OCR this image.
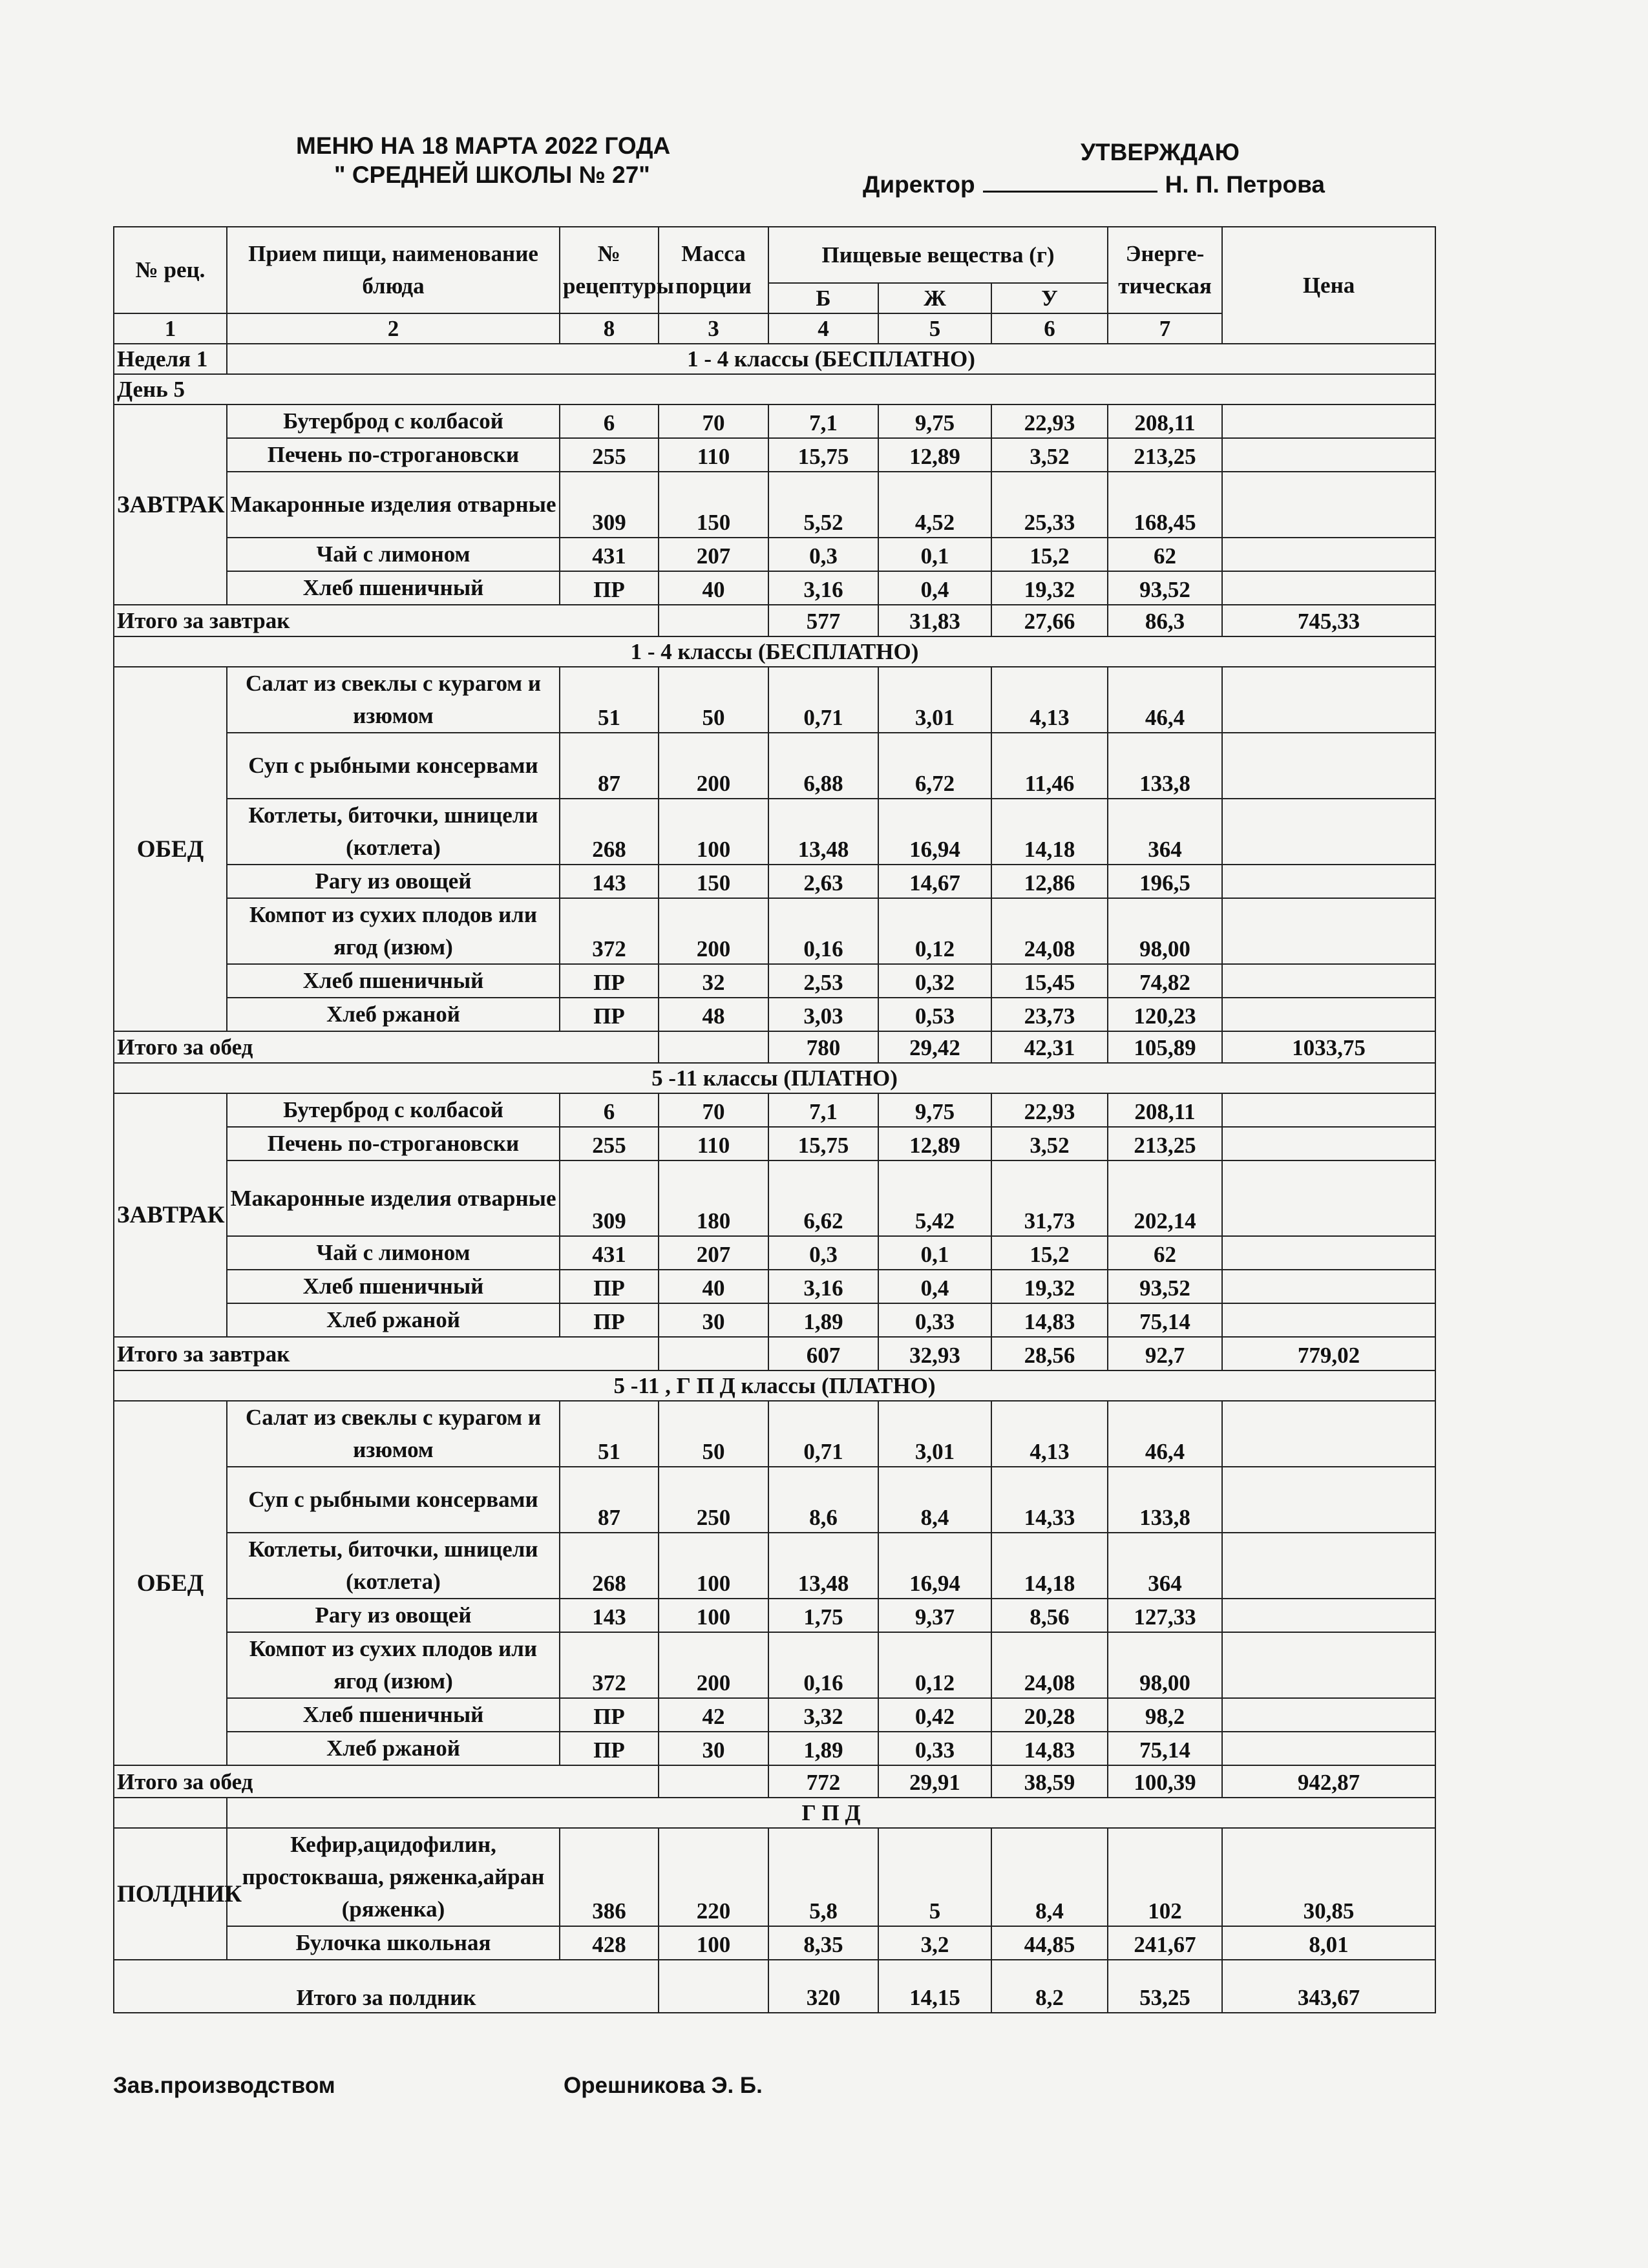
МЕНЮ НА 18 МАРТА 2022 ГОДА
" СРЕДНЕЙ ШКОЛЫ № 27"
УТВЕРЖДАЮ
Директор	Н. П. Петрова
№ рец.	Прием пищи, наименование блюда	№ рецептуры	Масса порции	Пищевые вещества (г)			Энерге-тическая	Цена	
				Б	Ж	У			
1	2	8	3	4	5	6	7		
Неделя 1	1 - 4 классы (БЕСПЛАТНО)								
День 5									
ЗАВТРАК	Бутерброд с колбасой	6	70	7,1	9,75	22,93	208,11		
	Печень по-строгановски	255	110	15,75	12,89	3,52	213,25		
	Макаронные изделия отварные	309	150	5,52	4,52	25,33	168,45		
	Чай с лимоном	431	207	0,3	0,1	15,2	62		
	Хлеб пшеничный	ПР	40	3,16	0,4	19,32	93,52		
Итого за завтрак				577	31,83	27,66	86,3	745,33	
1 - 4 классы (БЕСПЛАТНО)									
ОБЕД	Салат из свеклы с курагом и изюмом	51	50	0,71	3,01	4,13	46,4		
	Суп с рыбными консервами	87	200	6,88	6,72	11,46	133,8		
	Котлеты, биточки, шницели (котлета)	268	100	13,48	16,94	14,18	364		
	Рагу из овощей	143	150	2,63	14,67	12,86	196,5		
	Компот из сухих плодов или ягод (изюм)	372	200	0,16	0,12	24,08	98,00		
	Хлеб пшеничный	ПР	32	2,53	0,32	15,45	74,82		
	Хлеб ржаной	ПР	48	3,03	0,53	23,73	120,23		
Итого за обед				780	29,42	42,31	105,89	1033,75	
5 -11 классы (ПЛАТНО)									
ЗАВТРАК	Бутерброд с колбасой	6	70	7,1	9,75	22,93	208,11		
	Печень по-строгановски	255	110	15,75	12,89	3,52	213,25		
	Макаронные изделия отварные	309	180	6,62	5,42	31,73	202,14		
	Чай с лимоном	431	207	0,3	0,1	15,2	62		
	Хлеб пшеничный	ПР	40	3,16	0,4	19,32	93,52		
	Хлеб ржаной	ПР	30	1,89	0,33	14,83	75,14		
Итого за завтрак				607	32,93	28,56	92,7	779,02	
5 -11 , Г П Д классы (ПЛАТНО)									
ОБЕД	Салат из свеклы с курагом и изюмом	51	50	0,71	3,01	4,13	46,4		
	Суп с рыбными консервами	87	250	8,6	8,4	14,33	133,8		
	Котлеты, биточки, шницели (котлета)	268	100	13,48	16,94	14,18	364		
	Рагу из овощей	143	100	1,75	9,37	8,56	127,33		
	Компот из сухих плодов или ягод (изюм)	372	200	0,16	0,12	24,08	98,00		
	Хлеб пшеничный	ПР	42	3,32	0,42	20,28	98,2		
	Хлеб ржаной	ПР	30	1,89	0,33	14,83	75,14		
Итого за обед				772	29,91	38,59	100,39	942,87	
	Г П Д								
ПОЛДНИК	Кефир,ацидофилин, простокваша, ряженка,айран (ряженка)	386	220	5,8	5	8,4	102	30,85	
	Булочка школьная	428	100	8,35	3,2	44,85	241,67	8,01	
Итого за полдник				320	14,15	8,2	53,25	343,67	
Зав.производством	Орешникова Э. Б.
